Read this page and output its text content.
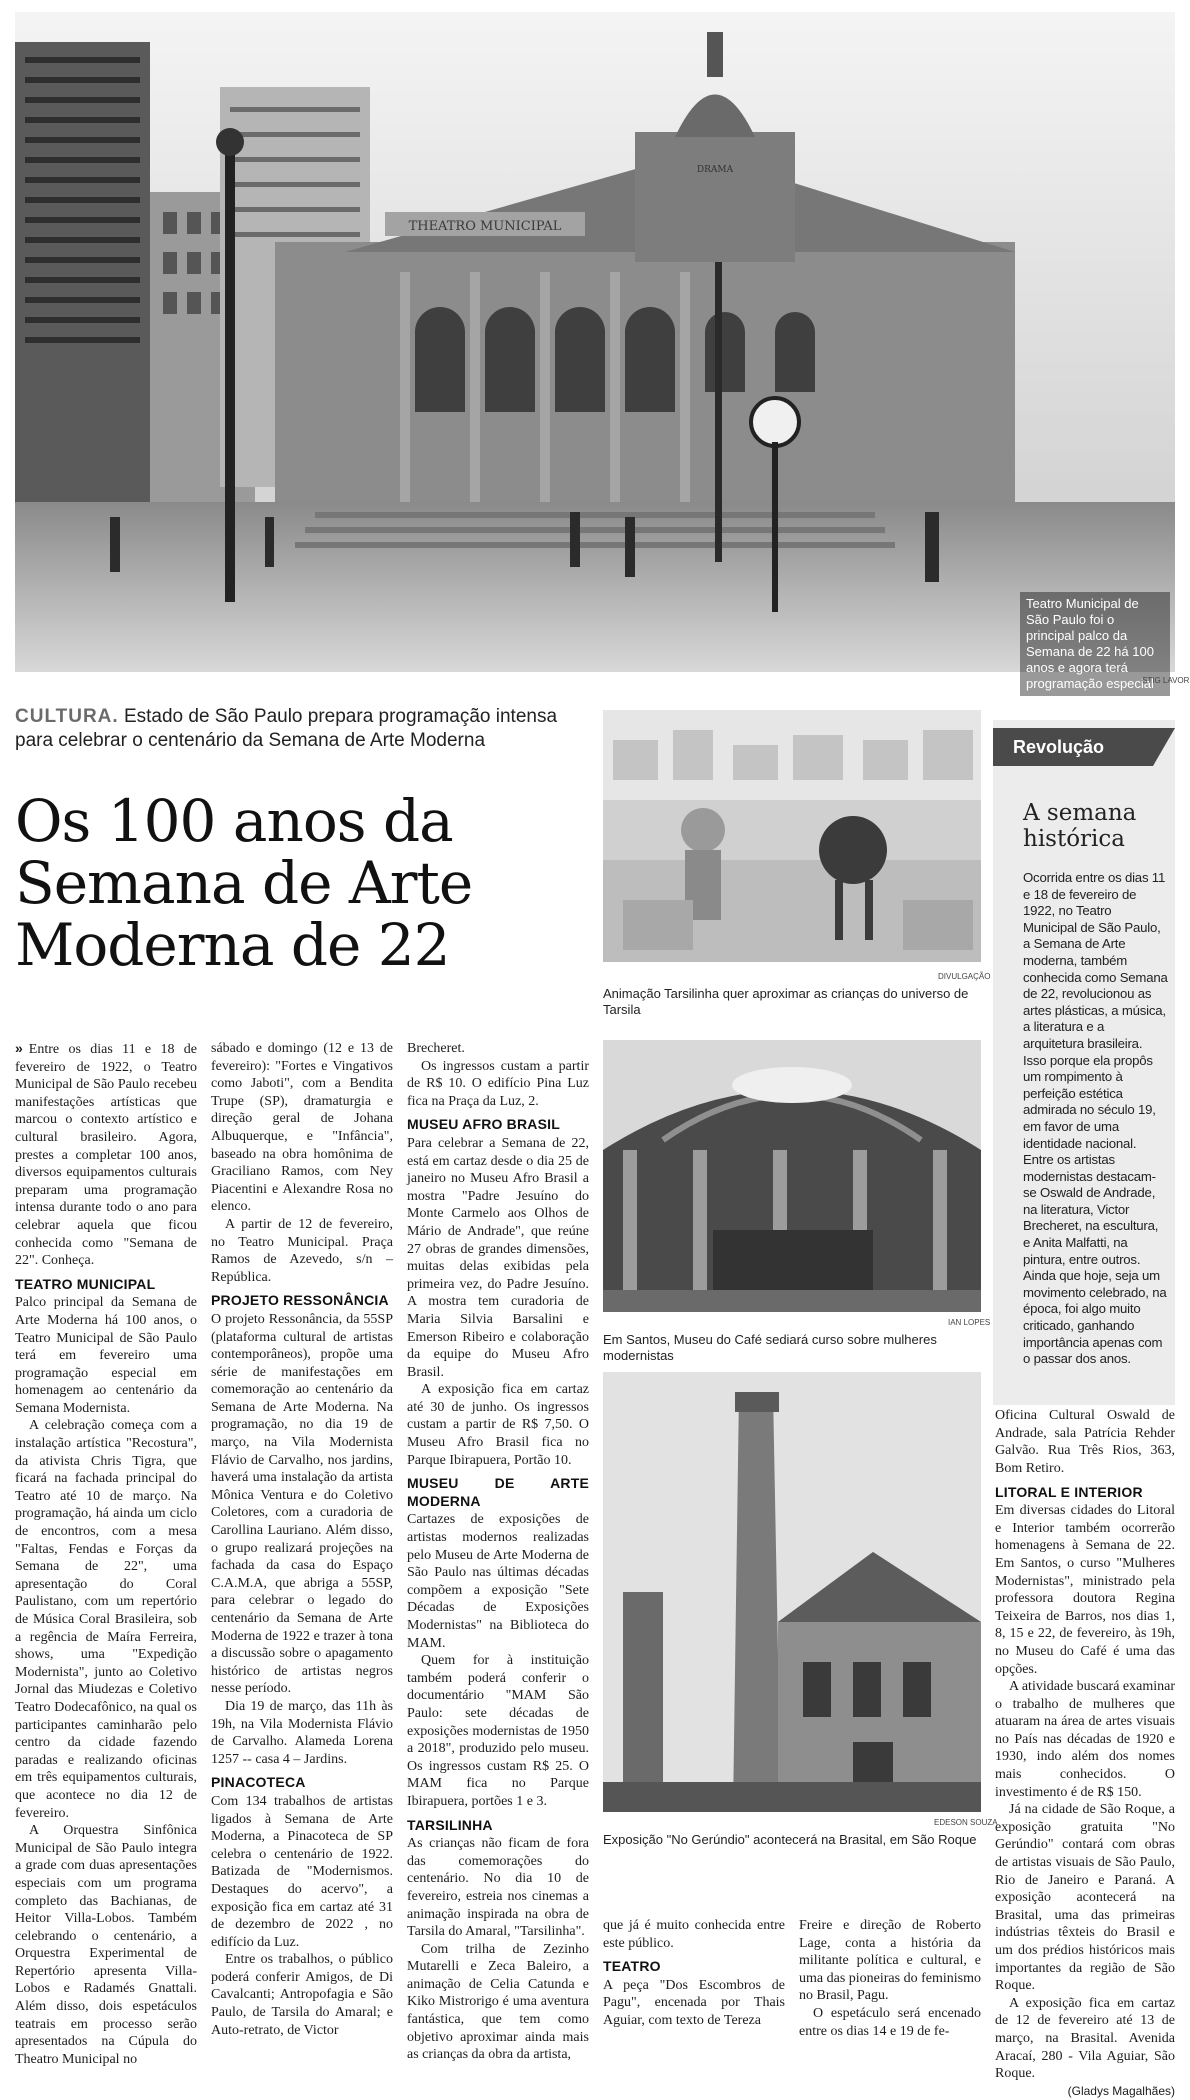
THEATRO MUNICIPAL
DRAMA
Teatro Municipal de São Paulo foi o principal palco da Semana de 22 há 100 anos e agora terá programação especial
STIG LAVOR
CULTURA. Estado de São Paulo prepara programação intensa para celebrar o centenário da Semana de Arte Moderna
Os 100 anos da Semana de Arte Moderna de 22

» Entre os dias 11 e 18 de fevereiro de 1922, o Teatro Municipal de São Paulo recebeu manifestações artísticas que marcou o contexto artístico e cultural brasileiro. Agora, prestes a completar 100 anos, diversos equipamentos culturais preparam uma programação intensa durante todo o ano para celebrar aquela que ficou conhecida como "Semana de 22". Conheça.

TEATRO MUNICIPAL

Palco principal da Semana de Arte Moderna há 100 anos, o Teatro Municipal de São Paulo terá em fevereiro uma programação especial em homenagem ao centenário da Semana Modernista.

A celebração começa com a instalação artística "Recostura", da ativista Chris Tigra, que ficará na fachada principal do Teatro até 10 de março. Na programação, há ainda um ciclo de encontros, com a mesa "Faltas, Fendas e Forças da Semana de 22", uma apresentação do Coral Paulistano, com um repertório de Música Coral Brasileira, sob a regência de Maíra Ferreira, shows, uma "Expedição Modernista", junto ao Coletivo Jornal das Miudezas e Coletivo Teatro Dodecafônico, na qual os participantes caminharão pelo centro da cidade fazendo paradas e realizando oficinas em três equipamentos culturais, que acontece no dia 12 de fevereiro.

A Orquestra Sinfônica Municipal de São Paulo integra a grade com duas apresentações especiais com um programa completo das Bachianas, de Heitor Villa-Lobos. Também celebrando o centenário, a Orquestra Experimental de Repertório apresenta Villa-Lobos e Radamés Gnattali. Além disso, dois espetáculos teatrais em processo serão apresentados na Cúpula do Theatro Municipal no

sábado e domingo (12 e 13 de fevereiro): "Fortes e Vingativos como Jaboti", com a Benditа Trupe (SP), dramaturgia e direção geral de Johana Albuquerque, e "Infância", baseado na obra homônima de Graciliano Ramos, com Ney Piacentini e Alexandre Rosa no elenco.

A partir de 12 de fevereiro, no Teatro Municipal. Praça Ramos de Azevedo, s/n – República.

PROJETO RESSONÂNCIA

O projeto Ressonância, da 55SP (plataforma cultural de artistas contemporâneos), propõe uma série de manifestações em comemoração ao centenário da Semana de Arte Moderna. Na programação, no dia 19 de março, na Vila Modernista Flávio de Carvalho, nos jardins, haverá uma instalação da artista Mônica Ventura e do Coletivo Coletores, com a curadoria de Carollina Lauriano. Além disso, o grupo realizará projeções na fachada da casa do Espaço C.A.M.A, que abriga a 55SP, para celebrar o legado do centenário da Semana de Arte Moderna de 1922 e trazer à tona a discussão sobre o apagamento histórico de artistas negros nesse período.

Dia 19 de março, das 11h às 19h, na Vila Modernista Flávio de Carvalho. Alameda Lorena 1257 -- casa 4 – Jardins.

PINACOTECA

Com 134 trabalhos de artistas ligados à Semana de Arte Moderna, a Pinacoteca de SP celebra o centenário de 1922. Batizada de "Modernismos. Destaques do acervo", a exposição fica em cartaz até 31 de dezembro de 2022 , no edifício da Luz.

Entre os trabalhos, o público poderá conferir Amigos, de Di Cavalcanti; Antropofagia e São Paulo, de Tarsila do Amaral; e Auto-retrato, de Victor

Brecheret.

Os ingressos custam a partir de R$ 10. O edifício Pina Luz fica na Praça da Luz, 2.

MUSEU AFRO BRASIL

Para celebrar a Semana de 22, está em cartaz desde o dia 25 de janeiro no Museu Afro Brasil a mostra "Padre Jesuíno do Monte Carmelo aos Olhos de Mário de Andrade", que reúne 27 obras de grandes dimensões, muitas delas exibidas pela primeira vez, do Padre Jesuíno. A mostra tem curadoria de Maria Silvia Barsalini e Emerson Ribeiro e colaboração da equipe do Museu Afro Brasil.

A exposição fica em cartaz até 30 de junho. Os ingressos custam a partir de R$ 7,50. O Museu Afro Brasil fica no Parque Ibirapuera, Portão 10.

MUSEU DE ARTE MODERNA

Cartazes de exposições de artistas modernos realizadas pelo Museu de Arte Moderna de São Paulo nas últimas décadas compõem a exposição "Sete Décadas de Exposições Modernistas" na Biblioteca do MAM.

Quem for à instituição também poderá conferir o documentário "MAM São Paulo: sete décadas de exposições modernistas de 1950 a 2018", produzido pelo museu. Os ingressos custam R$ 25. O MAM fica no Parque Ibirapuera, portões 1 e 3.

TARSILINHA

As crianças não ficam de fora das comemorações do centenário. No dia 10 de fevereiro, estreia nos cinemas a animação inspirada na obra de Tarsila do Amaral, "Tarsilinha".

Com trilha de Zezinho Mutarelli e Zeca Baleiro, a animação de Celia Catunda e Kiko Mistrorigo é uma aventura fantástica, que tem como objetivo aproximar ainda mais as crianças da obra da artista,

que já é muito conhecida entre este público.

TEATRO

A peça "Dos Escombros de Pagu", encenada por Thais Aguiar, com texto de Tereza

Freire e direção de Roberto Lage, conta a história da militante política e cultural, e uma das pioneiras do feminismo no Brasil, Pagu.

O espetáculo será encenado entre os dias 14 e 19 de fe-

Oficina Cultural Oswald de Andrade, sala Patrícia Rehder Galvão. Rua Três Rios, 363, Bom Retiro.

LITORAL E INTERIOR

Em diversas cidades do Litoral e Interior também ocorrerão homenagens à Semana de 22. Em Santos, o curso "Mulheres Modernistas", ministrado pela professora doutora Regina Teixeira de Barros, nos dias 1, 8, 15 e 22, de fevereiro, às 19h, no Museu do Café é uma das opções.

A atividade buscará examinar o trabalho de mulheres que atuaram na área de artes visuais no País nas décadas de 1920 e 1930, indo além dos nomes mais conhecidos. O investimento é de R$ 150.

Já na cidade de São Roque, a exposição gratuita "No Gerúndio" contará com obras de artistas visuais de São Paulo, Rio de Janeiro e Paraná. A exposição acontecerá na Brasital, uma das primeiras indústrias têxteis do Brasil e um dos prédios históricos mais importantes da região de São Roque.

A exposição fica em cartaz de 12 de fevereiro até 13 de março, na Brasital. Avenida Aracaí, 280 - Vila Aguiar, São Roque.

(Gladys Magalhães)

DIVULGAÇÃO
Animação Tarsilinha quer aproximar as crianças do universo de Tarsila
IAN LOPES
Em Santos, Museu do Café sediará curso sobre mulheres modernistas
EDESON SOUZA
Exposição "No Gerúndio" acontecerá na Brasital, em São Roque
Revolução
A semana histórica

Ocorrida entre os dias 11 e 18 de fevereiro de 1922, no Teatro Municipal de São Paulo, a Semana de Arte moderna, também conhecida como Semana de 22, revolucionou as artes plásticas, a música, a literatura e a arquitetura brasileira. Isso porque ela propôs um rompimento à perfeição estética admirada no século 19, em favor de uma identidade nacional.

Entre os artistas modernistas destacam-se Oswald de Andrade, na literatura, Victor Brecheret, na escultura, e Anita Malfatti, na pintura, entre outros. Ainda que hoje, seja um movimento celebrado, na época, foi algo muito criticado, ganhando importância apenas com o passar dos anos.
